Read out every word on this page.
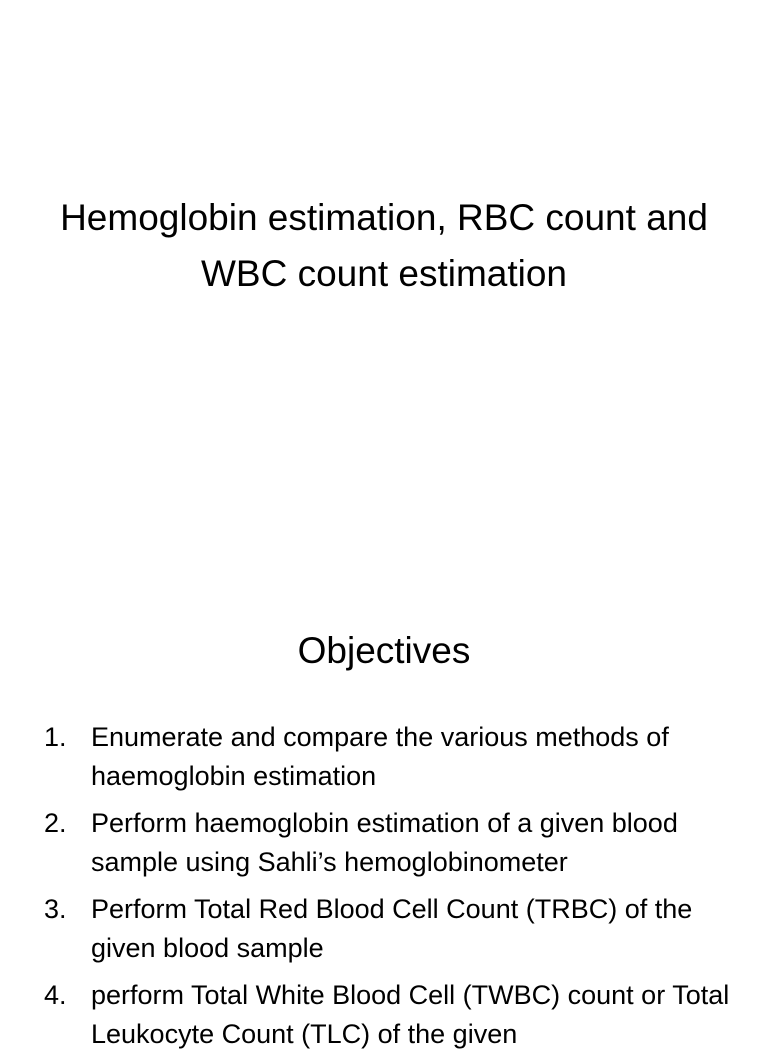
Hemoglobin estimation, RBC count and WBC count estimation
Objectives
1. Enumerate and compare the various methods of haemoglobin estimation
2. Perform haemoglobin estimation of a given blood sample using Sahli’s hemoglobinometer
3. Perform Total Red Blood Cell Count (TRBC) of the given blood sample
4. perform Total White Blood Cell (TWBC) count or Total Leukocyte Count (TLC) of the given
